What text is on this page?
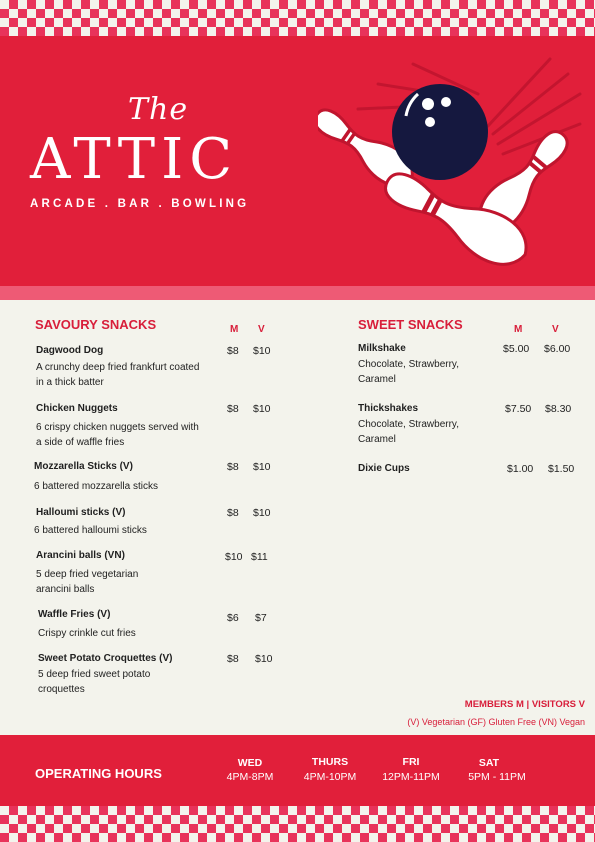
The
ATTIC
ARCADE . BAR . BOWLING
SAVOURY SNACKS	M V
Dagwood Dog
A crunchy deep fried frankfurt coated in a thick batter
$8 $10
Chicken Nuggets
6 crispy chicken nuggets served with a side of waffle fries
$8 $10
Mozzarella Sticks (V)
6 battered mozzarella sticks
$8 $10
Halloumi sticks (V)
6 battered halloumi sticks
$8 $10
Arancini balls (VN)
5 deep fried vegetarian arancini balls
$10 $11
Waffle Fries (V)
Crispy crinkle cut fries
$6 $7
Sweet Potato Croquettes (V)
5 deep fried sweet potato croquettes
$8 $10
SWEET SNACKS	M	V
Milkshake
Chocolate, Strawberry, Caramel
$5.00 $6.00
Thickshakes
Chocolate, Strawberry, Caramel
$7.50 $8.30
Dixie Cups	$1.00 $1.50
MEMBERS M | VISITORS V
(V) Vegetarian (GF) Gluten Free (VN) Vegan
OPERATING HOURS
WED
4PM-8PM
THURS
4PM-10PM
FRI
12PM-11PM
SAT
5PM - 11PM
